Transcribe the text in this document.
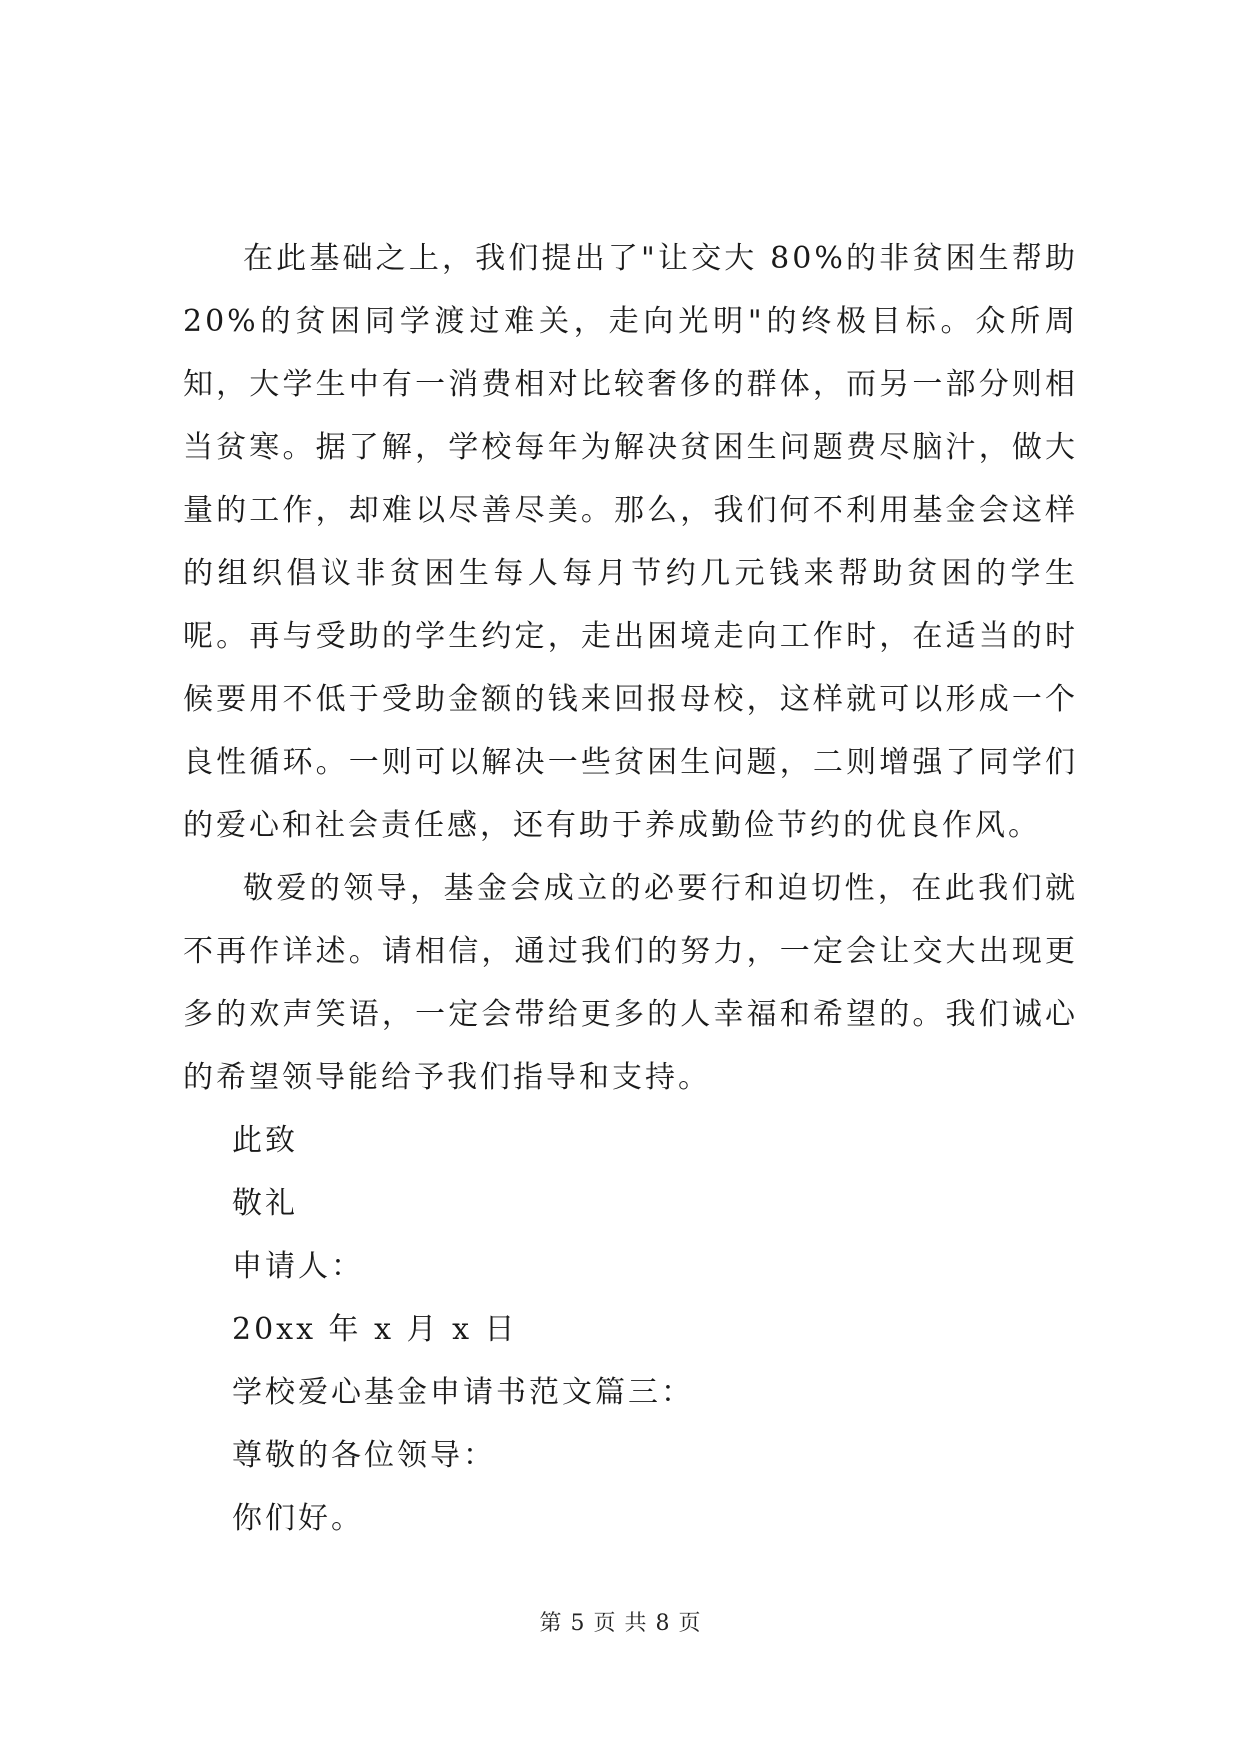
在此基础之上，我们提出了"让交大 80%的非贫困生帮助 20%的贫困同学渡过难关，走向光明"的终极目标。众所周知，大学生中有一消费相对比较奢侈的群体，而另一部分则相当贫寒。据了解，学校每年为解决贫困生问题费尽脑汁，做大量的工作，却难以尽善尽美。那么，我们何不利用基金会这样的组织倡议非贫困生每人每月节约几元钱来帮助贫困的学生呢。再与受助的学生约定，走出困境走向工作时，在适当的时候要用不低于受助金额的钱来回报母校，这样就可以形成一个良性循环。一则可以解决一些贫困生问题，二则增强了同学们的爱心和社会责任感，还有助于养成勤俭节约的优良作风。

敬爱的领导，基金会成立的必要行和迫切性，在此我们就不再作详述。请相信，通过我们的努力，一定会让交大出现更多的欢声笑语，一定会带给更多的人幸福和希望的。我们诚心的希望领导能给予我们指导和支持。

此致

敬礼

申请人：

20xx 年 x 月 x 日

学校爱心基金申请书范文篇三：

尊敬的各位领导：

你们好。

第 5 页 共 8 页
